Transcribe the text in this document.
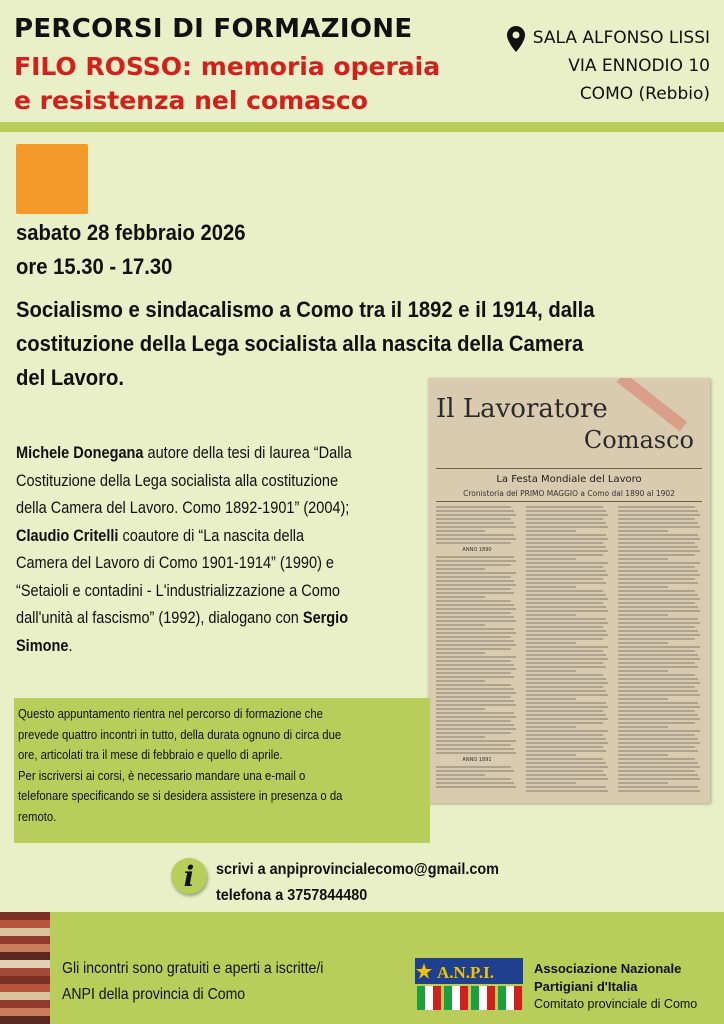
PERCORSI DI FORMAZIONE
FILO ROSSO: memoria operaia
e resistenza nel comasco
SALA ALFONSO LISSI
VIA ENNODIO 10
COMO (Rebbio)
sabato 28 febbraio 2026
ore 15.30 - 17.30
Socialismo e sindacalismo a Como tra il 1892 e il 1914, dalla
costituzione della Lega socialista alla nascita della Camera
del Lavoro.
Michele Donegana autore della tesi di laurea “Dalla
Costituzione della Lega socialista alla costituzione
della Camera del Lavoro. Como 1892-1901” (2004);
Claudio Critelli coautore di “La nascita della
Camera del Lavoro di Como 1901-1914” (1990) e
“Setaioli e contadini - L'industrializzazione a Como
dall'unità al fascismo” (1992), dialogano con Sergio
Simone.
Il Lavoratore
Comasco
La Festa Mondiale del Lavoro
Cronistoria del PRIMO MAGGIO a Como dal 1890 al 1902
ANNO 1890
ANNO 1891
Questo appuntamento rientra nel percorso di formazione che
prevede quattro incontri in tutto, della durata ognuno di circa due
ore, articolati tra il mese di febbraio e quello di aprile.
Per iscriversi ai corsi, è necessario mandare una e-mail o
telefonare specificando se si desidera assistere in presenza o da
remoto.
i	scrivi a anpiprovincialecomo@gmail.com
telefona a 3757844480
Gli incontri sono gratuiti e aperti a iscritte/i
ANPI della provincia di Como
A.N.P.I.	Associazione Nazionale
Partigiani d'Italia
Comitato provinciale di Como
